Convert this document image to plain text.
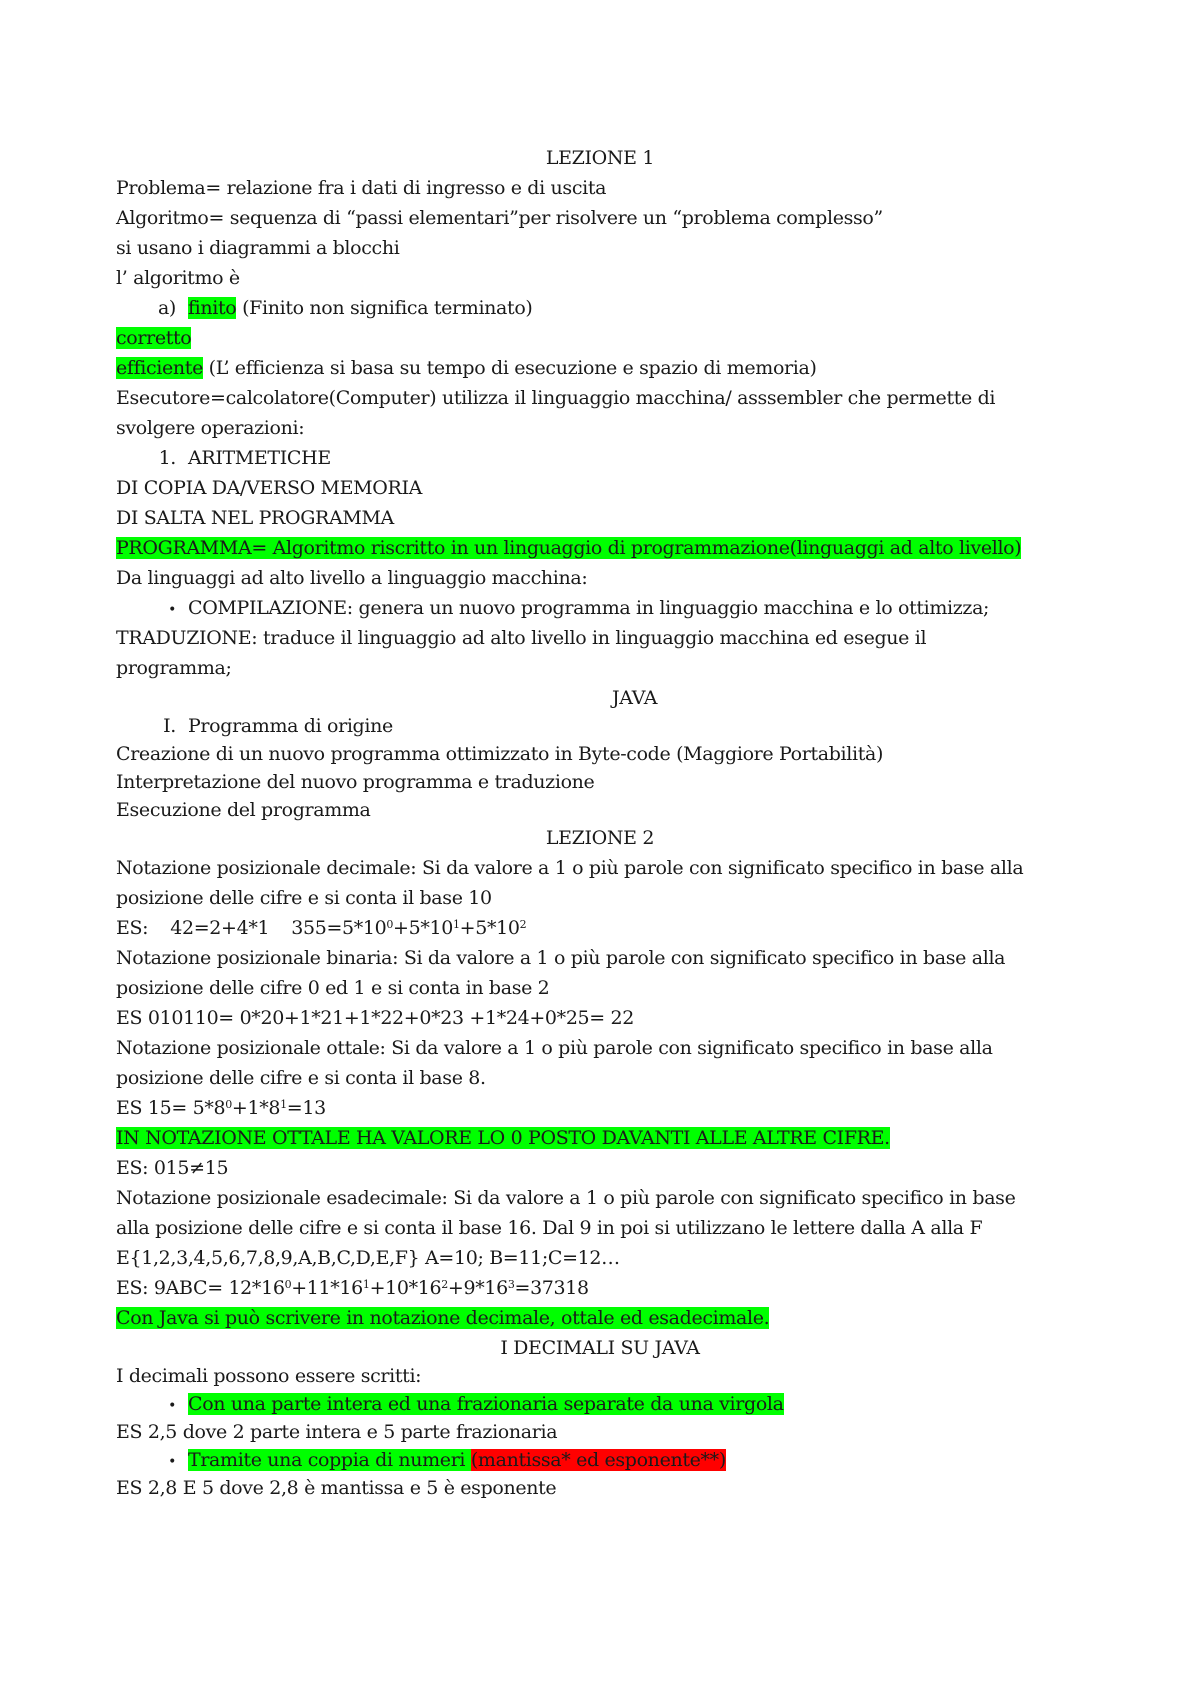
LEZIONE 1
Problema= relazione fra i dati di ingresso e di uscita
Algoritmo= sequenza di “passi elementari”per risolvere un “problema complesso”
si usano i diagrammi a blocchi
l’ algoritmo è
a) finito (Finito non significa terminato)
corretto
efficiente (L’ efficienza si basa su tempo di esecuzione e spazio di memoria)
Esecutore=calcolatore(Computer) utilizza il linguaggio macchina/ asssembler che permette di
svolgere operazioni:
1. ARITMETICHE
DI COPIA DA/VERSO MEMORIA
DI SALTA NEL PROGRAMMA
PROGRAMMA= Algoritmo riscritto in un linguaggio di programmazione(linguaggi ad alto livello)
Da linguaggi ad alto livello a linguaggio macchina:
• COMPILAZIONE: genera un nuovo programma in linguaggio macchina e lo ottimizza;
TRADUZIONE: traduce il linguaggio ad alto livello in linguaggio macchina ed esegue il
programma;
JAVA
I. Programma di origine
Creazione di un nuovo programma ottimizzato in Byte-code (Maggiore Portabilità)
Interpretazione del nuovo programma e traduzione
Esecuzione del programma
LEZIONE 2
Notazione posizionale decimale: Si da valore a 1 o più parole con significato specifico in base alla
posizione delle cifre e si conta il base 10
ES: 42=2+4*1 $355=5*10^0+5*10^1+5*10^2$
Notazione posizionale binaria: Si da valore a 1 o più parole con significato specifico in base alla
posizione delle cifre 0 ed 1 e si conta in base 2
ES 010110= 0*20+1*21+1*22+0*23 +1*24+0*25= 22
Notazione posizionale ottale: Si da valore a 1 o più parole con significato specifico in base alla
posizione delle cifre e si conta il base 8.
ES $15= 5*8^0+1*8^1=13$
IN NOTAZIONE OTTALE HA VALORE LO 0 POSTO DAVANTI ALLE ALTRE CIFRE.
ES: 015≠15
Notazione posizionale esadecimale: Si da valore a 1 o più parole con significato specifico in base
alla posizione delle cifre e si conta il base 16. Dal 9 in poi si utilizzano le lettere dalla A alla F
E{1,2,3,4,5,6,7,8,9,A,B,C,D,E,F} A=10; B=11;C=12…
ES: $9ABC= 12*16^0+11*16^1+10*16^2+9*16^3=37318$
Con Java si può scrivere in notazione decimale, ottale ed esadecimale.
I DECIMALI SU JAVA
I decimali possono essere scritti:
• Con una parte intera ed una frazionaria separate da una virgola
ES 2,5 dove 2 parte intera e 5 parte frazionaria
• Tramite una coppia di numeri (mantissa* ed esponente**)
ES 2,8 E 5 dove 2,8 è mantissa e 5 è esponente
